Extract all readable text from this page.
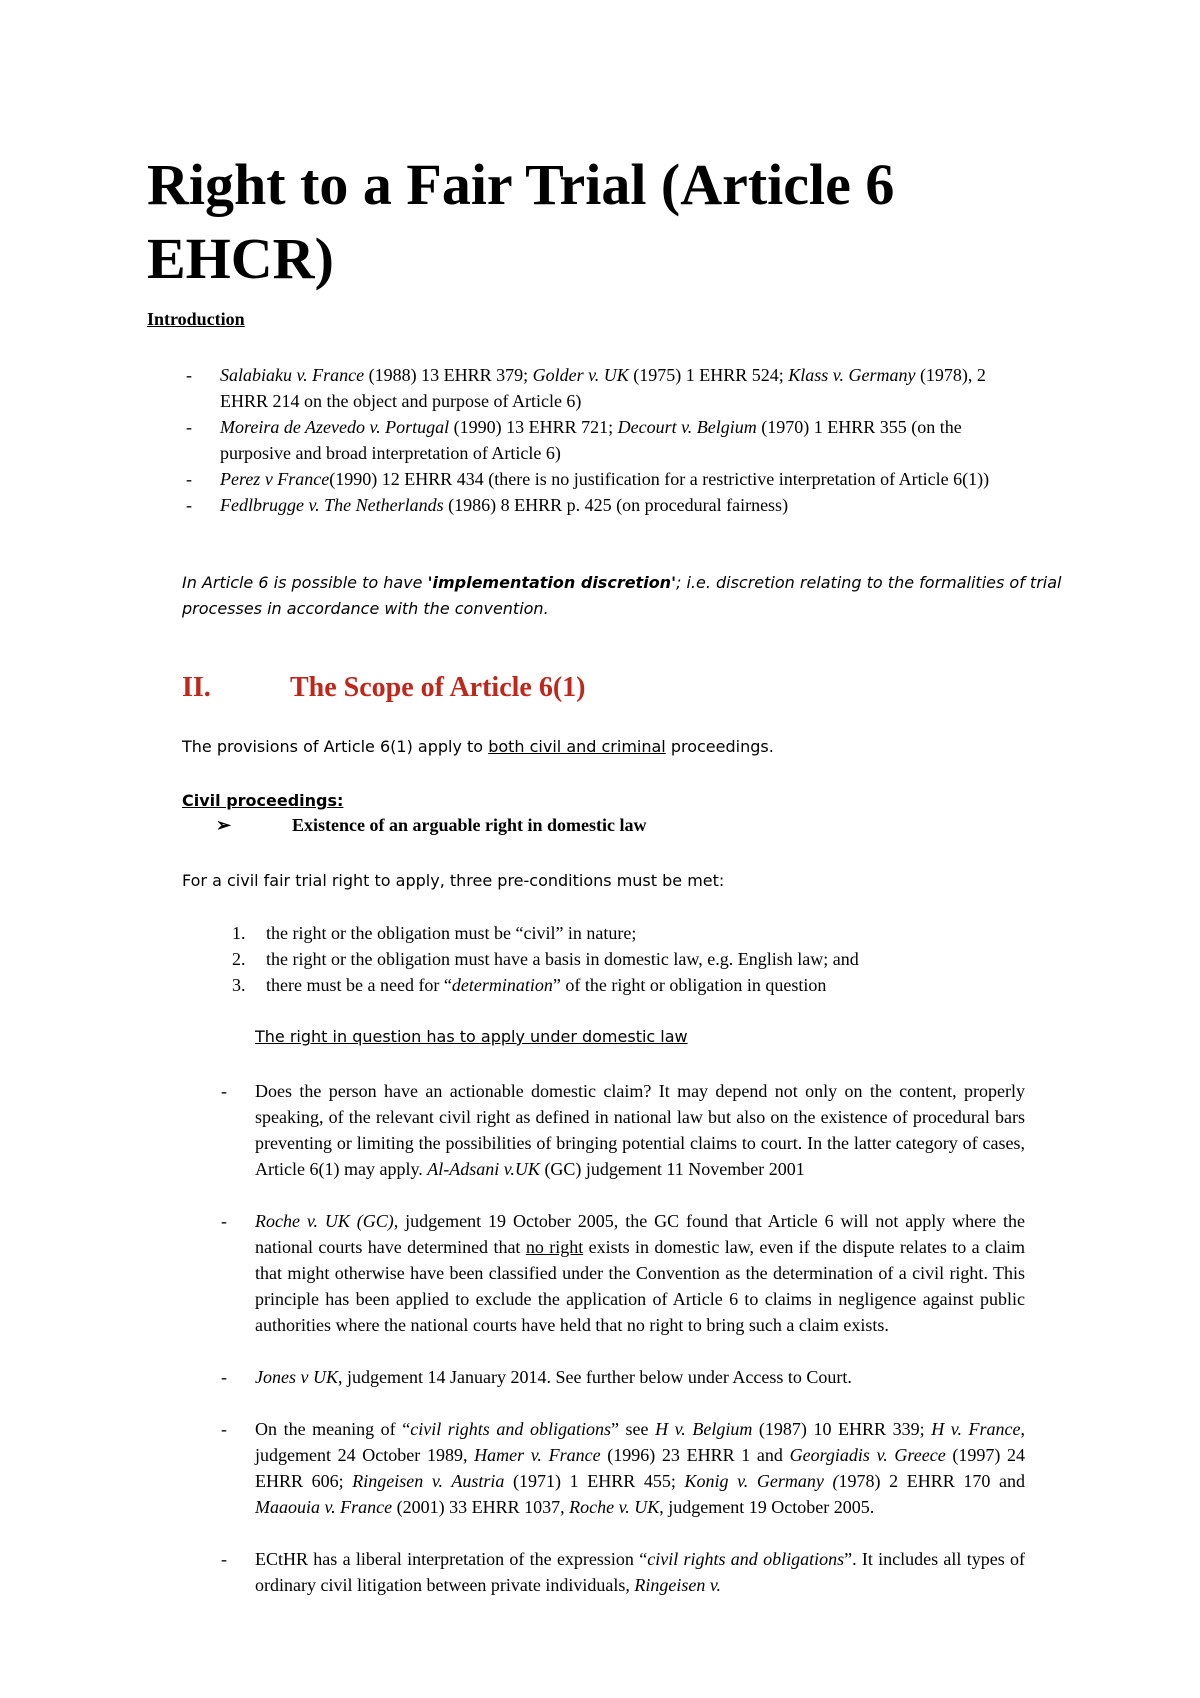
Right to a Fair Trial (Article 6 EHCR)
Introduction
- Salabiaku v. France (1988) 13 EHRR 379; Golder v. UK (1975) 1 EHRR 524; Klass v. Germany (1978), 2 EHRR 214 on the object and purpose of Article 6)
- Moreira de Azevedo v. Portugal (1990) 13 EHRR 721; Decourt v. Belgium (1970) 1 EHRR 355 (on the purposive and broad interpretation of Article 6)
- Perez v France(1990) 12 EHRR 434 (there is no justification for a restrictive interpretation of Article 6(1))
- Fedlbrugge v. The Netherlands (1986) 8 EHRR p. 425 (on procedural fairness)
In Article 6 is possible to have 'implementation discretion'; i.e. discretion relating to the formalities of trial processes in accordance with the convention.
II.	The Scope of Article 6(1)
The provisions of Article 6(1) apply to both civil and criminal proceedings.
Civil proceedings:
➢	Existence of an arguable right in domestic law
For a civil fair trial right to apply, three pre-conditions must be met:
1. the right or the obligation must be “civil” in nature;
2. the right or the obligation must have a basis in domestic law, e.g. English law; and
3. there must be a need for “determination” of the right or obligation in question
The right in question has to apply under domestic law
- Does the person have an actionable domestic claim? It may depend not only on the content, properly speaking, of the relevant civil right as defined in national law but also on the existence of procedural bars preventing or limiting the possibilities of bringing potential claims to court. In the latter category of cases, Article 6(1) may apply. Al-Adsani v.UK (GC) judgement 11 November 2001
- Roche v. UK (GC), judgement 19 October 2005, the GC found that Article 6 will not apply where the national courts have determined that no right exists in domestic law, even if the dispute relates to a claim that might otherwise have been classified under the Convention as the determination of a civil right. This principle has been applied to exclude the application of Article 6 to claims in negligence against public authorities where the national courts have held that no right to bring such a claim exists.
- Jones v UK, judgement 14 January 2014. See further below under Access to Court.
- On the meaning of “civil rights and obligations” see H v. Belgium (1987) 10 EHRR 339; H v. France, judgement 24 October 1989, Hamer v. France (1996) 23 EHRR 1 and Georgiadis v. Greece (1997) 24 EHRR 606; Ringeisen v. Austria (1971) 1 EHRR 455; Konig v. Germany (1978) 2 EHRR 170 and Maaouia v. France (2001) 33 EHRR 1037, Roche v. UK, judgement 19 October 2005.
- ECtHR has a liberal interpretation of the expression “civil rights and obligations”. It includes all types of ordinary civil litigation between private individuals, Ringeisen v.
